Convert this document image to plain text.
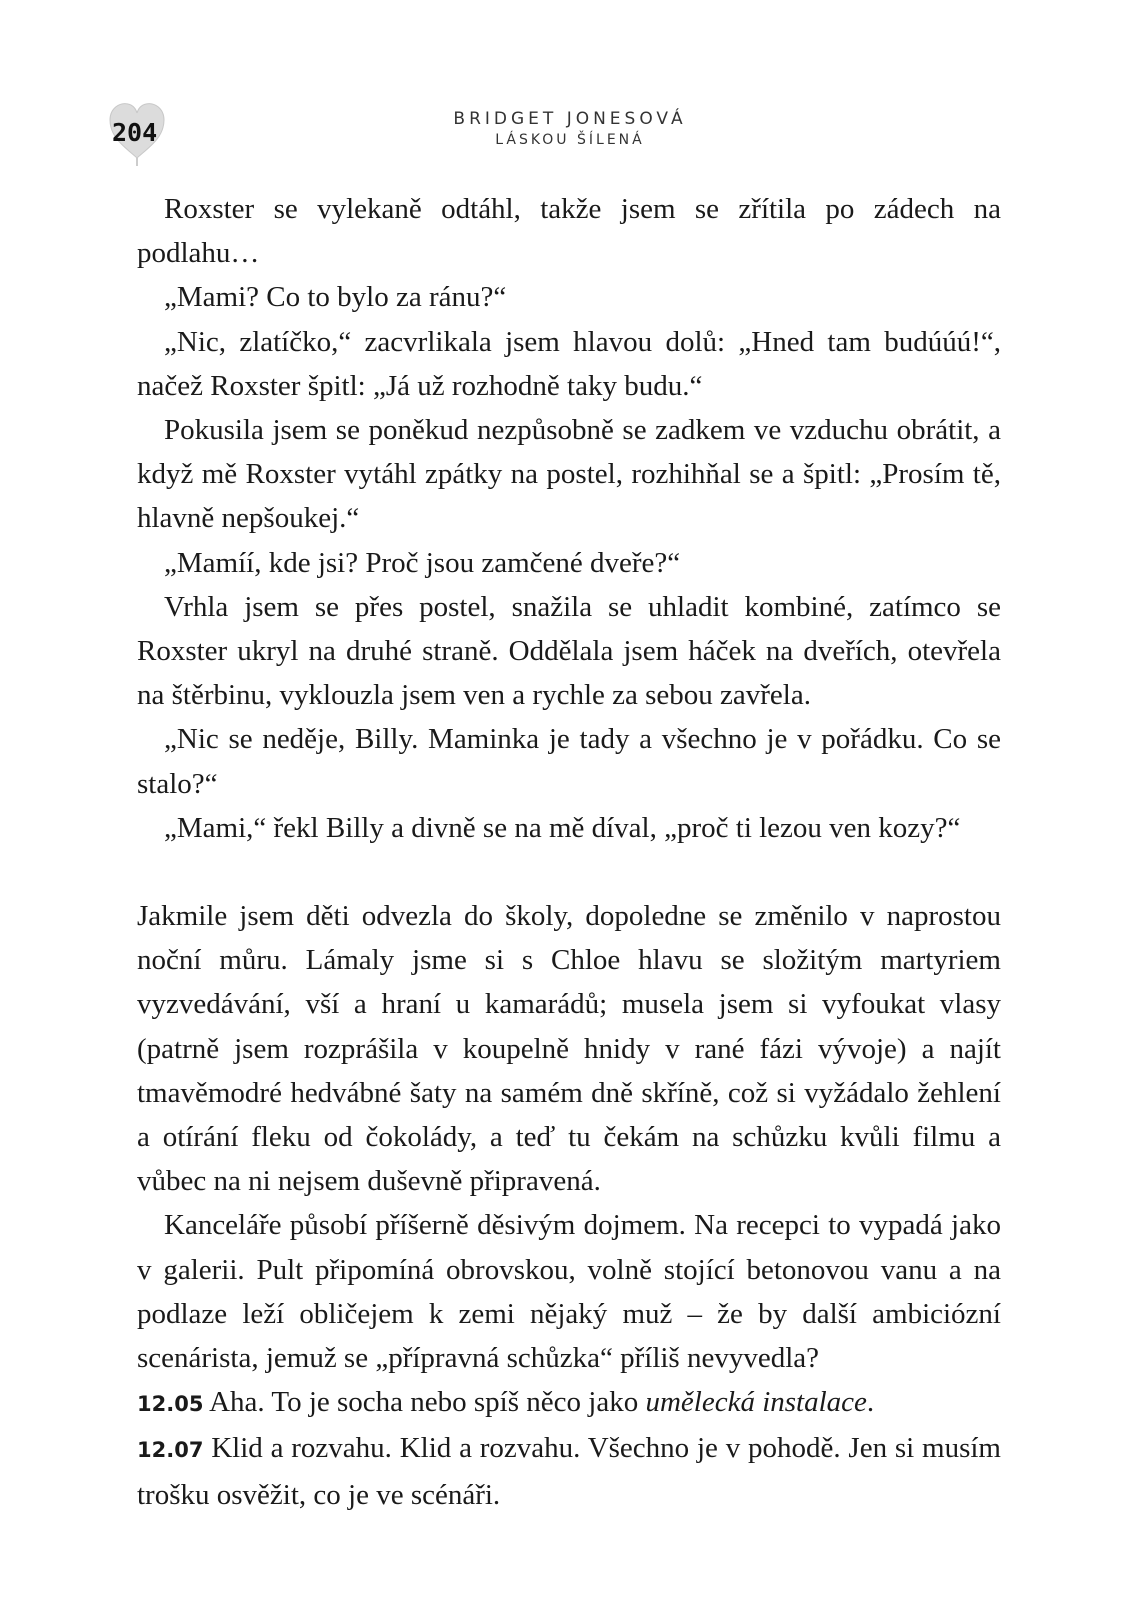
204	BRIDGET JONESOVÁ
LÁSKOU ŠÍLENÁ

Roxster se vylekaně odtáhl, takže jsem se zřítila po zádech na podlahu…

„Mami? Co to bylo za ránu?“

„Nic, zlatíčko,“ zacvrlikala jsem hlavou dolů: „Hned tam budúúú!“, načež Roxster špitl: „Já už rozhodně taky budu.“

Pokusila jsem se poněkud nezpůsobně se zadkem ve vzduchu obrátit, a když mě Roxster vytáhl zpátky na postel, rozhihňal se a špitl: „Prosím tě, hlavně nepšoukej.“

„Mamíí, kde jsi? Proč jsou zamčené dveře?“

Vrhla jsem se přes postel, snažila se uhladit kombiné, zatímco se Roxster ukryl na druhé straně. Oddělala jsem háček na dveřích, otevřela na štěrbinu, vyklouzla jsem ven a rychle za sebou zavřela.

„Nic se neděje, Billy. Maminka je tady a všechno je v pořádku. Co se stalo?“

„Mami,“ řekl Billy a divně se na mě díval, „proč ti lezou ven kozy?“

Jakmile jsem děti odvezla do školy, dopoledne se změnilo v naprostou noční můru. Lámaly jsme si s Chloe hlavu se složitým martyriem vyzvedávání, vší a hraní u kamarádů; musela jsem si vyfoukat vlasy (patrně jsem rozprášila v koupelně hnidy v rané fázi vývoje) a najít tmavěmodré hedvábné šaty na samém dně skříně, což si vyžádalo žehlení a otírání fleku od čokolády, a teď tu čekám na schůzku kvůli filmu a vůbec na ni nejsem duševně připravená.

Kanceláře působí příšerně děsivým dojmem. Na recepci to vypadá jako v galerii. Pult připomíná obrovskou, volně stojící betonovou vanu a na podlaze leží obličejem k zemi nějaký muž – že by další ambiciózní scenárista, jemuž se „přípravná schůzka“ příliš nevyvedla?

12.05 Aha. To je socha nebo spíš něco jako umělecká instalace.

12.07 Klid a rozvahu. Klid a rozvahu. Všechno je v pohodě. Jen si musím trošku osvěžit, co je ve scénáři.
